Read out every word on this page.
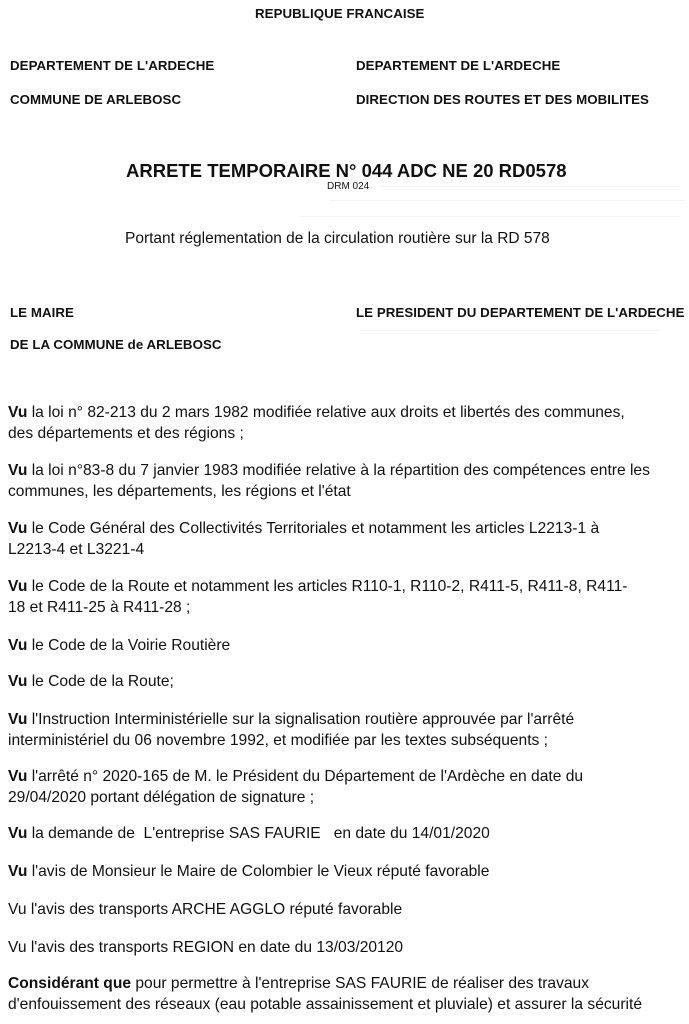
REPUBLIQUE FRANCAISE
DEPARTEMENT DE L'ARDECHE
COMMUNE DE ARLEBOSC
DEPARTEMENT DE L'ARDECHE
DIRECTION DES ROUTES ET DES MOBILITES
ARRETE TEMPORAIRE N° 044 ADC NE 20 RD0578
DRM 024
Portant réglementation de la circulation routière sur la RD 578
LE MAIRE
DE LA COMMUNE de ARLEBOSC
LE PRESIDENT DU DEPARTEMENT DE L'ARDECHE
Vu la loi n° 82-213 du 2 mars 1982 modifiée relative aux droits et libertés des communes,
des départements et des régions ;
Vu la loi n°83-8 du 7 janvier 1983 modifiée relative à la répartition des compétences entre les
communes, les départements, les régions et l'état
Vu le Code Général des Collectivités Territoriales et notamment les articles L2213-1 à
L2213-4 et L3221-4
Vu le Code de la Route et notamment les articles R110-1, R110-2, R411-5, R411-8, R411-
18 et R411-25 à R411-28 ;
Vu le Code de la Voirie Routière
Vu le Code de la Route;
Vu l'Instruction Interministérielle sur la signalisation routière approuvée par l'arrêté
interministériel du 06 novembre 1992, et modifiée par les textes subséquents ;
Vu l'arrêté n° 2020-165 de M. le Président du Département de l'Ardèche en date du
29/04/2020 portant délégation de signature ;
Vu la demande de  L'entreprise SAS FAURIE   en date du 14/01/2020
Vu l'avis de Monsieur le Maire de Colombier le Vieux réputé favorable
Vu l'avis des transports ARCHE AGGLO réputé favorable
Vu l'avis des transports REGION en date du 13/03/20120
Considérant que pour permettre à l'entreprise SAS FAURIE de réaliser des travaux
d'enfouissement des réseaux (eau potable assainissement et pluviale) et assurer la sécurité
